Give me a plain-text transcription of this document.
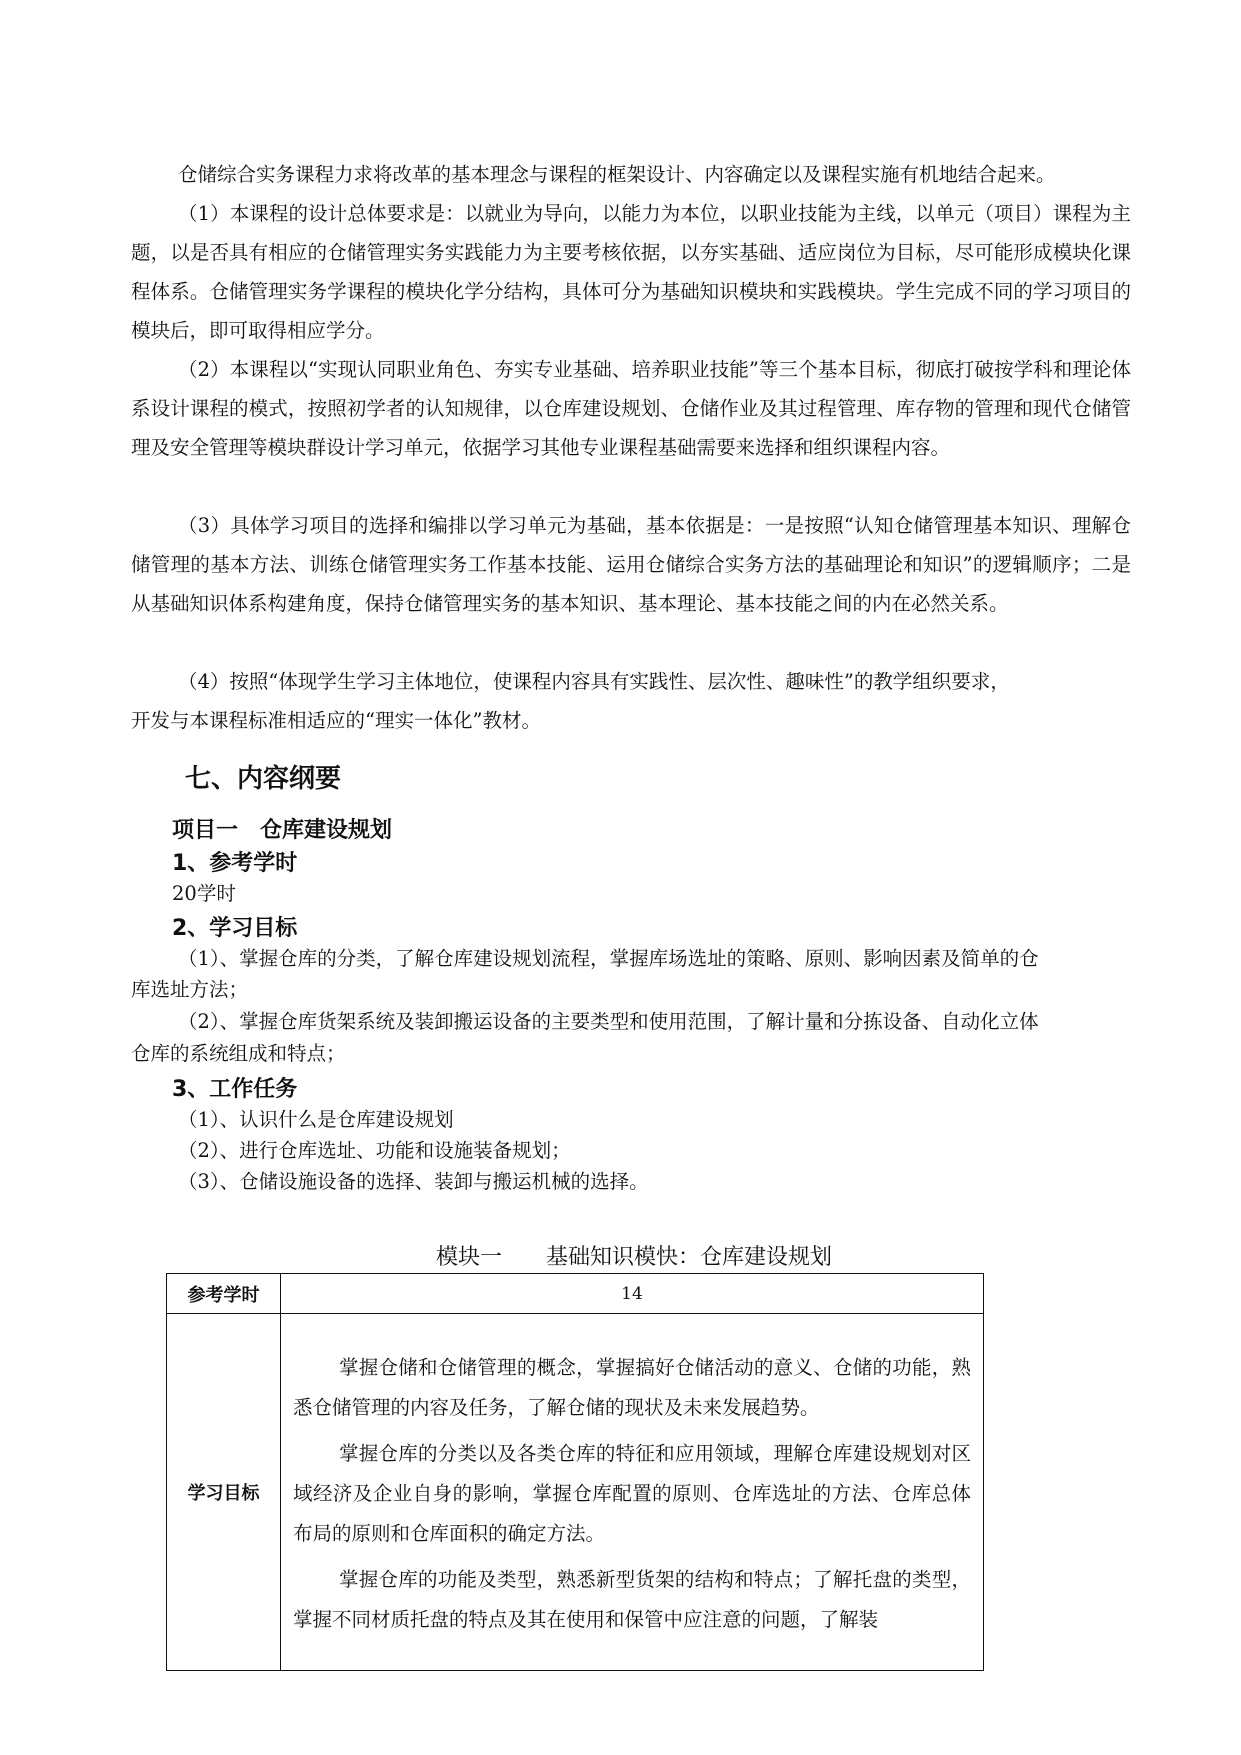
仓储综合实务课程力求将改革的基本理念与课程的框架设计、内容确定以及课程实施有机地结合起来。

（1）本课程的设计总体要求是：以就业为导向，以能力为本位，以职业技能为主线，以单元（项目）课程为主题，以是否具有相应的仓储管理实务实践能力为主要考核依据，以夯实基础、适应岗位为目标，尽可能形成模块化课程体系。仓储管理实务学课程的模块化学分结构，具体可分为基础知识模块和实践模块。学生完成不同的学习项目的模块后，即可取得相应学分。

（2）本课程以“实现认同职业角色、夯实专业基础、培养职业技能”等三个基本目标，彻底打破按学科和理论体系设计课程的模式，按照初学者的认知规律，以仓库建设规划、仓储作业及其过程管理、库存物的管理和现代仓储管理及安全管理等模块群设计学习单元，依据学习其他专业课程基础需要来选择和组织课程内容。

（3）具体学习项目的选择和编排以学习单元为基础，基本依据是：一是按照“认知仓储管理基本知识、理解仓储管理的基本方法、训练仓储管理实务工作基本技能、运用仓储综合实务方法的基础理论和知识”的逻辑顺序；二是从基础知识体系构建角度，保持仓储管理实务的基本知识、基本理论、基本技能之间的内在必然关系。

（4）按照“体现学生学习主体地位，使课程内容具有实践性、层次性、趣味性”的教学组织要求，

开发与本课程标准相适应的“理实一体化”教材。

七、内容纲要
项目一　仓库建设规划
1、参考学时

20学时

2、学习目标

（1）、掌握仓库的分类，了解仓库建设规划流程，掌握库场选址的策略、原则、影响因素及简单的仓

库选址方法；

（2）、掌握仓库货架系统及装卸搬运设备的主要类型和使用范围，了解计量和分拣设备、自动化立体

仓库的系统组成和特点；

3、工作任务

（1）、认识什么是仓库建设规划

（2）、进行仓库选址、功能和设施装备规划；

（3）、仓储设施设备的选择、装卸与搬运机械的选择。

模块一　　基础知识模快：仓库建设规划
参考学时	14
学习目标	掌握仓储和仓储管理的概念，掌握搞好仓储活动的意义、仓储的功能，熟悉仓储管理的内容及任务，了解仓储的现状及未来发展趋势。

掌握仓库的分类以及各类仓库的特征和应用领域，理解仓库建设规划对区域经济及企业自身的影响，掌握仓库配置的原则、仓库选址的方法、仓库总体布局的原则和仓库面积的确定方法。

掌握仓库的功能及类型，熟悉新型货架的结构和特点；了解托盘的类型，掌握不同材质托盘的特点及其在使用和保管中应注意的问题，了解装
